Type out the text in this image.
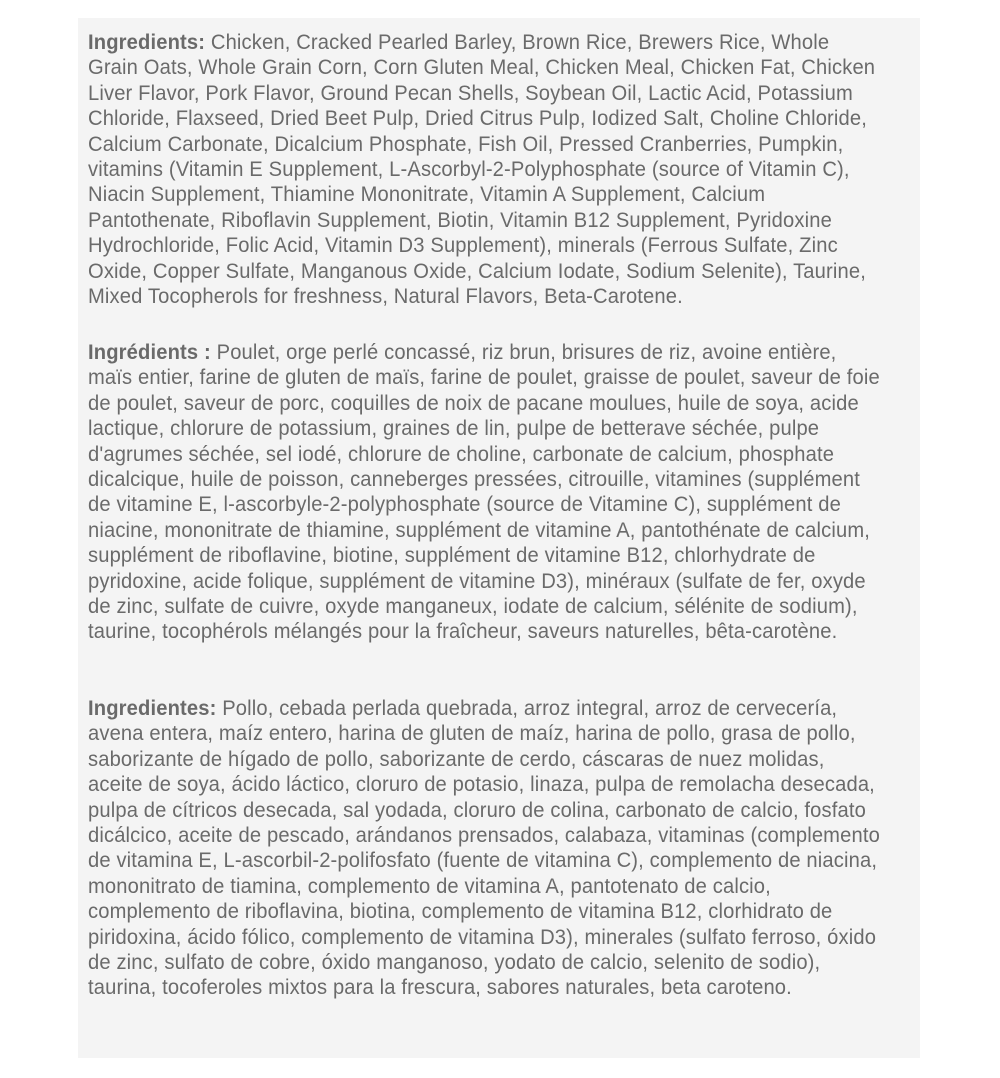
Ingredients: Chicken, Cracked Pearled Barley, Brown Rice, Brewers Rice, Whole Grain Oats, Whole Grain Corn, Corn Gluten Meal, Chicken Meal, Chicken Fat, Chicken Liver Flavor, Pork Flavor, Ground Pecan Shells, Soybean Oil, Lactic Acid, Potassium Chloride, Flaxseed, Dried Beet Pulp, Dried Citrus Pulp, Iodized Salt, Choline Chloride, Calcium Carbonate, Dicalcium Phosphate, Fish Oil, Pressed Cranberries, Pumpkin, vitamins (Vitamin E Supplement, L-Ascorbyl-2-Polyphosphate (source of Vitamin C), Niacin Supplement, Thiamine Mononitrate, Vitamin A Supplement, Calcium Pantothenate, Riboflavin Supplement, Biotin, Vitamin B12 Supplement, Pyridoxine Hydrochloride, Folic Acid, Vitamin D3 Supplement), minerals (Ferrous Sulfate, Zinc Oxide, Copper Sulfate, Manganous Oxide, Calcium Iodate, Sodium Selenite), Taurine, Mixed Tocopherols for freshness, Natural Flavors, Beta-Carotene.

Ingrédients : Poulet, orge perlé concassé, riz brun, brisures de riz, avoine entière, maïs entier, farine de gluten de maïs, farine de poulet, graisse de poulet, saveur de foie de poulet, saveur de porc, coquilles de noix de pacane moulues, huile de soya, acide lactique, chlorure de potassium, graines de lin, pulpe de betterave séchée, pulpe d'agrumes séchée, sel iodé, chlorure de choline, carbonate de calcium, phosphate dicalcique, huile de poisson, canneberges pressées, citrouille, vitamines (supplément de vitamine E, l-ascorbyle-2-polyphosphate (source de Vitamine C), supplément de niacine, mononitrate de thiamine, supplément de vitamine A, pantothénate de calcium, supplément de riboflavine, biotine, supplément de vitamine B12, chlorhydrate de pyridoxine, acide folique, supplément de vitamine D3), minéraux (sulfate de fer, oxyde de zinc, sulfate de cuivre, oxyde manganeux, iodate de calcium, sélénite de sodium), taurine, tocophérols mélangés pour la fraîcheur, saveurs naturelles, bêta-carotène.

Ingredientes: Pollo, cebada perlada quebrada, arroz integral, arroz de cervecería, avena entera, maíz entero, harina de gluten de maíz, harina de pollo, grasa de pollo, saborizante de hígado de pollo, saborizante de cerdo, cáscaras de nuez molidas, aceite de soya, ácido láctico, cloruro de potasio, linaza, pulpa de remolacha desecada, pulpa de cítricos desecada, sal yodada, cloruro de colina, carbonato de calcio, fosfato dicálcico, aceite de pescado, arándanos prensados, calabaza, vitaminas (complemento de vitamina E, L-ascorbil-2-polifosfato (fuente de vitamina C), complemento de niacina, mononitrato de tiamina, complemento de vitamina A, pantotenato de calcio, complemento de riboflavina, biotina, complemento de vitamina B12, clorhidrato de piridoxina, ácido fólico, complemento de vitamina D3), minerales (sulfato ferroso, óxido de zinc, sulfato de cobre, óxido manganoso, yodato de calcio, selenito de sodio), taurina, tocoferoles mixtos para la frescura, sabores naturales, beta caroteno.
